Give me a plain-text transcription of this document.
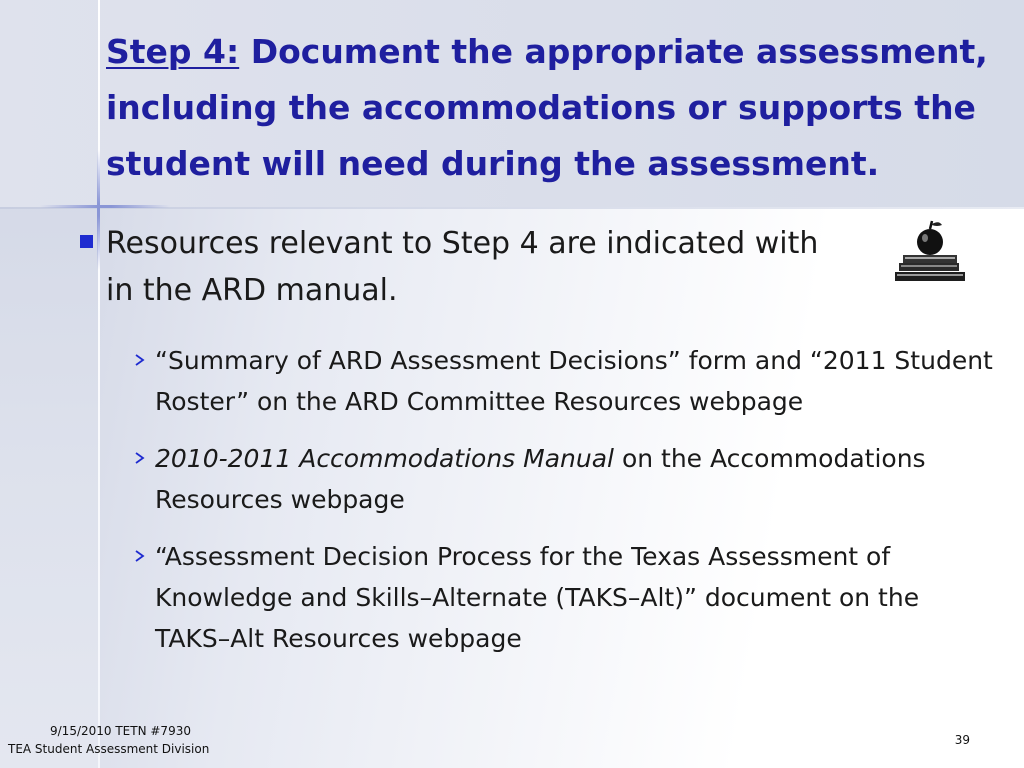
Step 4: Document the appropriate assessment, including the accommodations or supports the student will need during the assessment.
Resources relevant to Step 4 are indicated with
in the ARD manual.
“Summary of ARD Assessment Decisions” form and “2011 Student Roster” on the ARD Committee Resources webpage
2010-2011 Accommodations Manual on the Accommodations Resources webpage
“Assessment Decision Process for the Texas Assessment of Knowledge and Skills–Alternate (TAKS–Alt)” document on the TAKS–Alt Resources webpage
9/15/2010 TETN #7930
TEA Student Assessment Division
39
